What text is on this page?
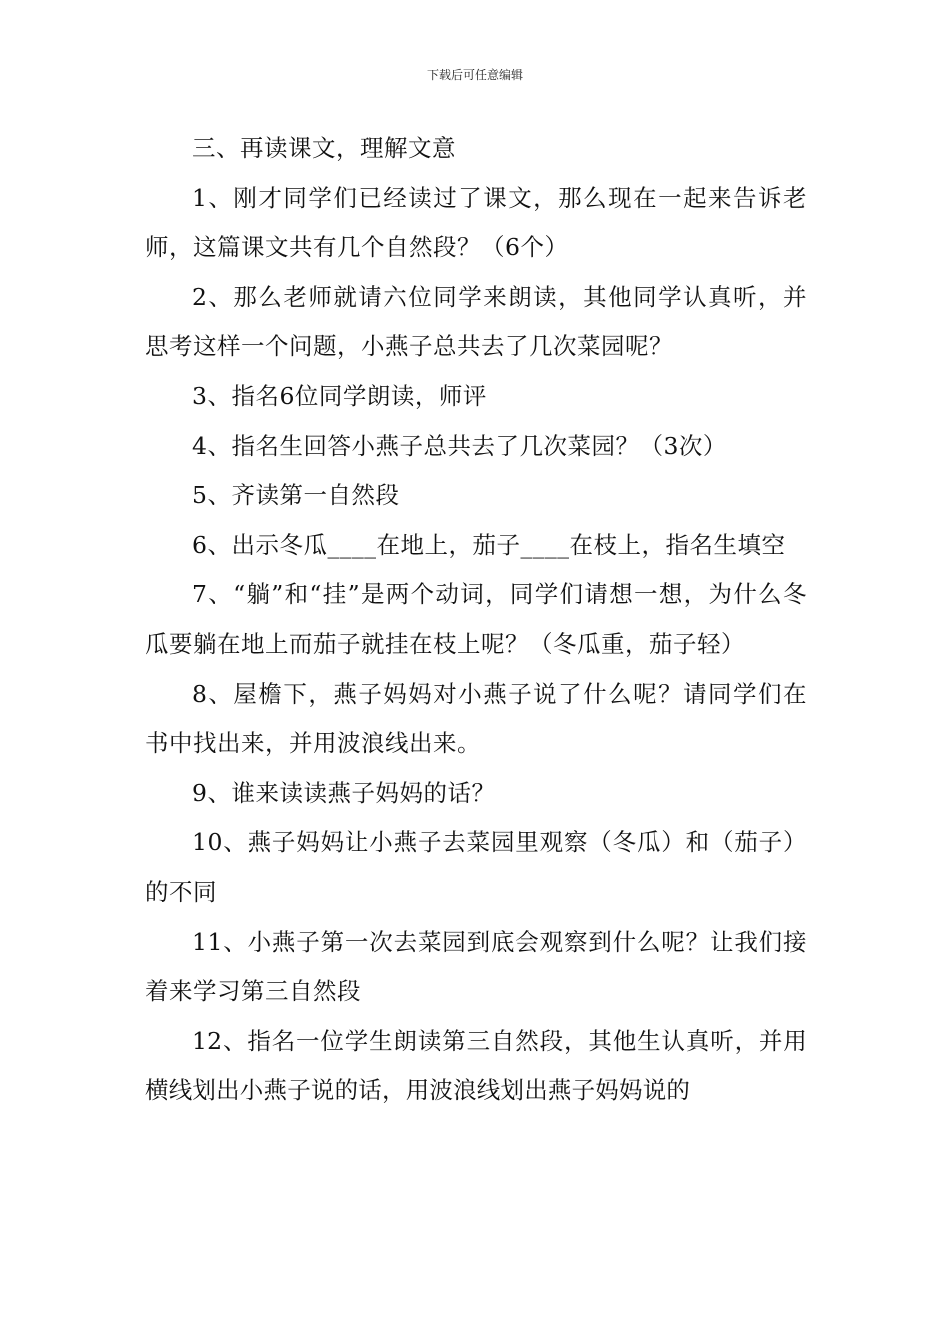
下载后可任意编辑

三、再读课文，理解文意

1、刚才同学们已经读过了课文，那么现在一起来告诉老师，这篇课文共有几个自然段？（6个）

2、那么老师就请六位同学来朗读，其他同学认真听，并思考这样一个问题，小燕子总共去了几次菜园呢？

3、指名6位同学朗读，师评

4、指名生回答小燕子总共去了几次菜园？（3次）

5、齐读第一自然段

6、出示冬瓜____在地上，茄子____在枝上，指名生填空

7、“躺”和“挂”是两个动词，同学们请想一想，为什么冬瓜要躺在地上而茄子就挂在枝上呢？（冬瓜重，茄子轻）

8、屋檐下，燕子妈妈对小燕子说了什么呢？请同学们在书中找出来，并用波浪线出来。

9、谁来读读燕子妈妈的话？

10、燕子妈妈让小燕子去菜园里观察（冬瓜）和（茄子）的不同

11、小燕子第一次去菜园到底会观察到什么呢？让我们接着来学习第三自然段

12、指名一位学生朗读第三自然段，其他生认真听，并用横线划出小燕子说的话，用波浪线划出燕子妈妈说的
